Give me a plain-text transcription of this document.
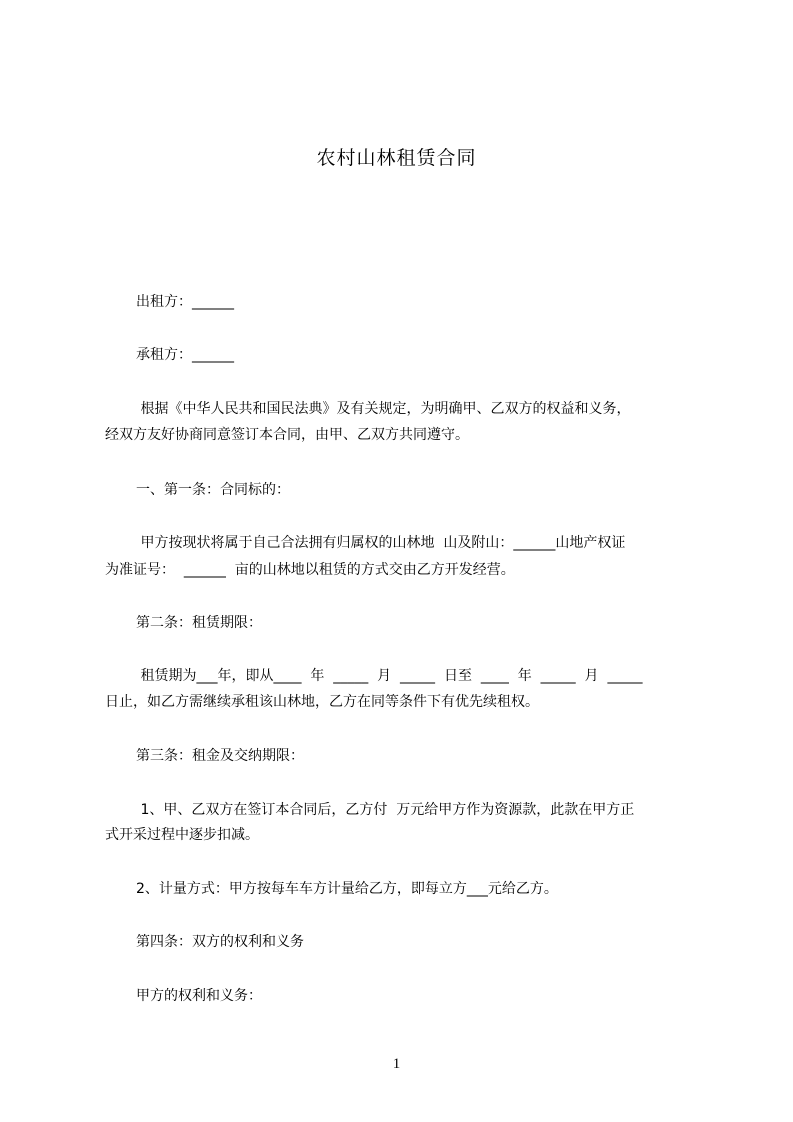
农村山林租赁合同
出租方：______
承租方：______
根据《中华人民共和国民法典》及有关规定，为明确甲、乙双方的权益和义务，
经双方友好协商同意签订本合同，由甲、乙双方共同遵守。
一、第一条：合同标的：
甲方按现状将属于自己合法拥有归属权的山林地  山及附山：______山地产权证
为准证号：  ______  亩的山林地以租赁的方式交由乙方开发经营。
第二条：租赁期限：
租赁期为___年，即从____  年  _____  月  _____  日至  ____  年  _____  月  _____
日止，如乙方需继续承租该山林地，乙方在同等条件下有优先续租权。
第三条：租金及交纳期限：
1、甲、乙双方在签订本合同后，乙方付  万元给甲方作为资源款，此款在甲方正
式开采过程中逐步扣减。
2、计量方式：甲方按每车车方计量给乙方，即每立方___元给乙方。
第四条：双方的权利和义务
甲方的权利和义务：
1
